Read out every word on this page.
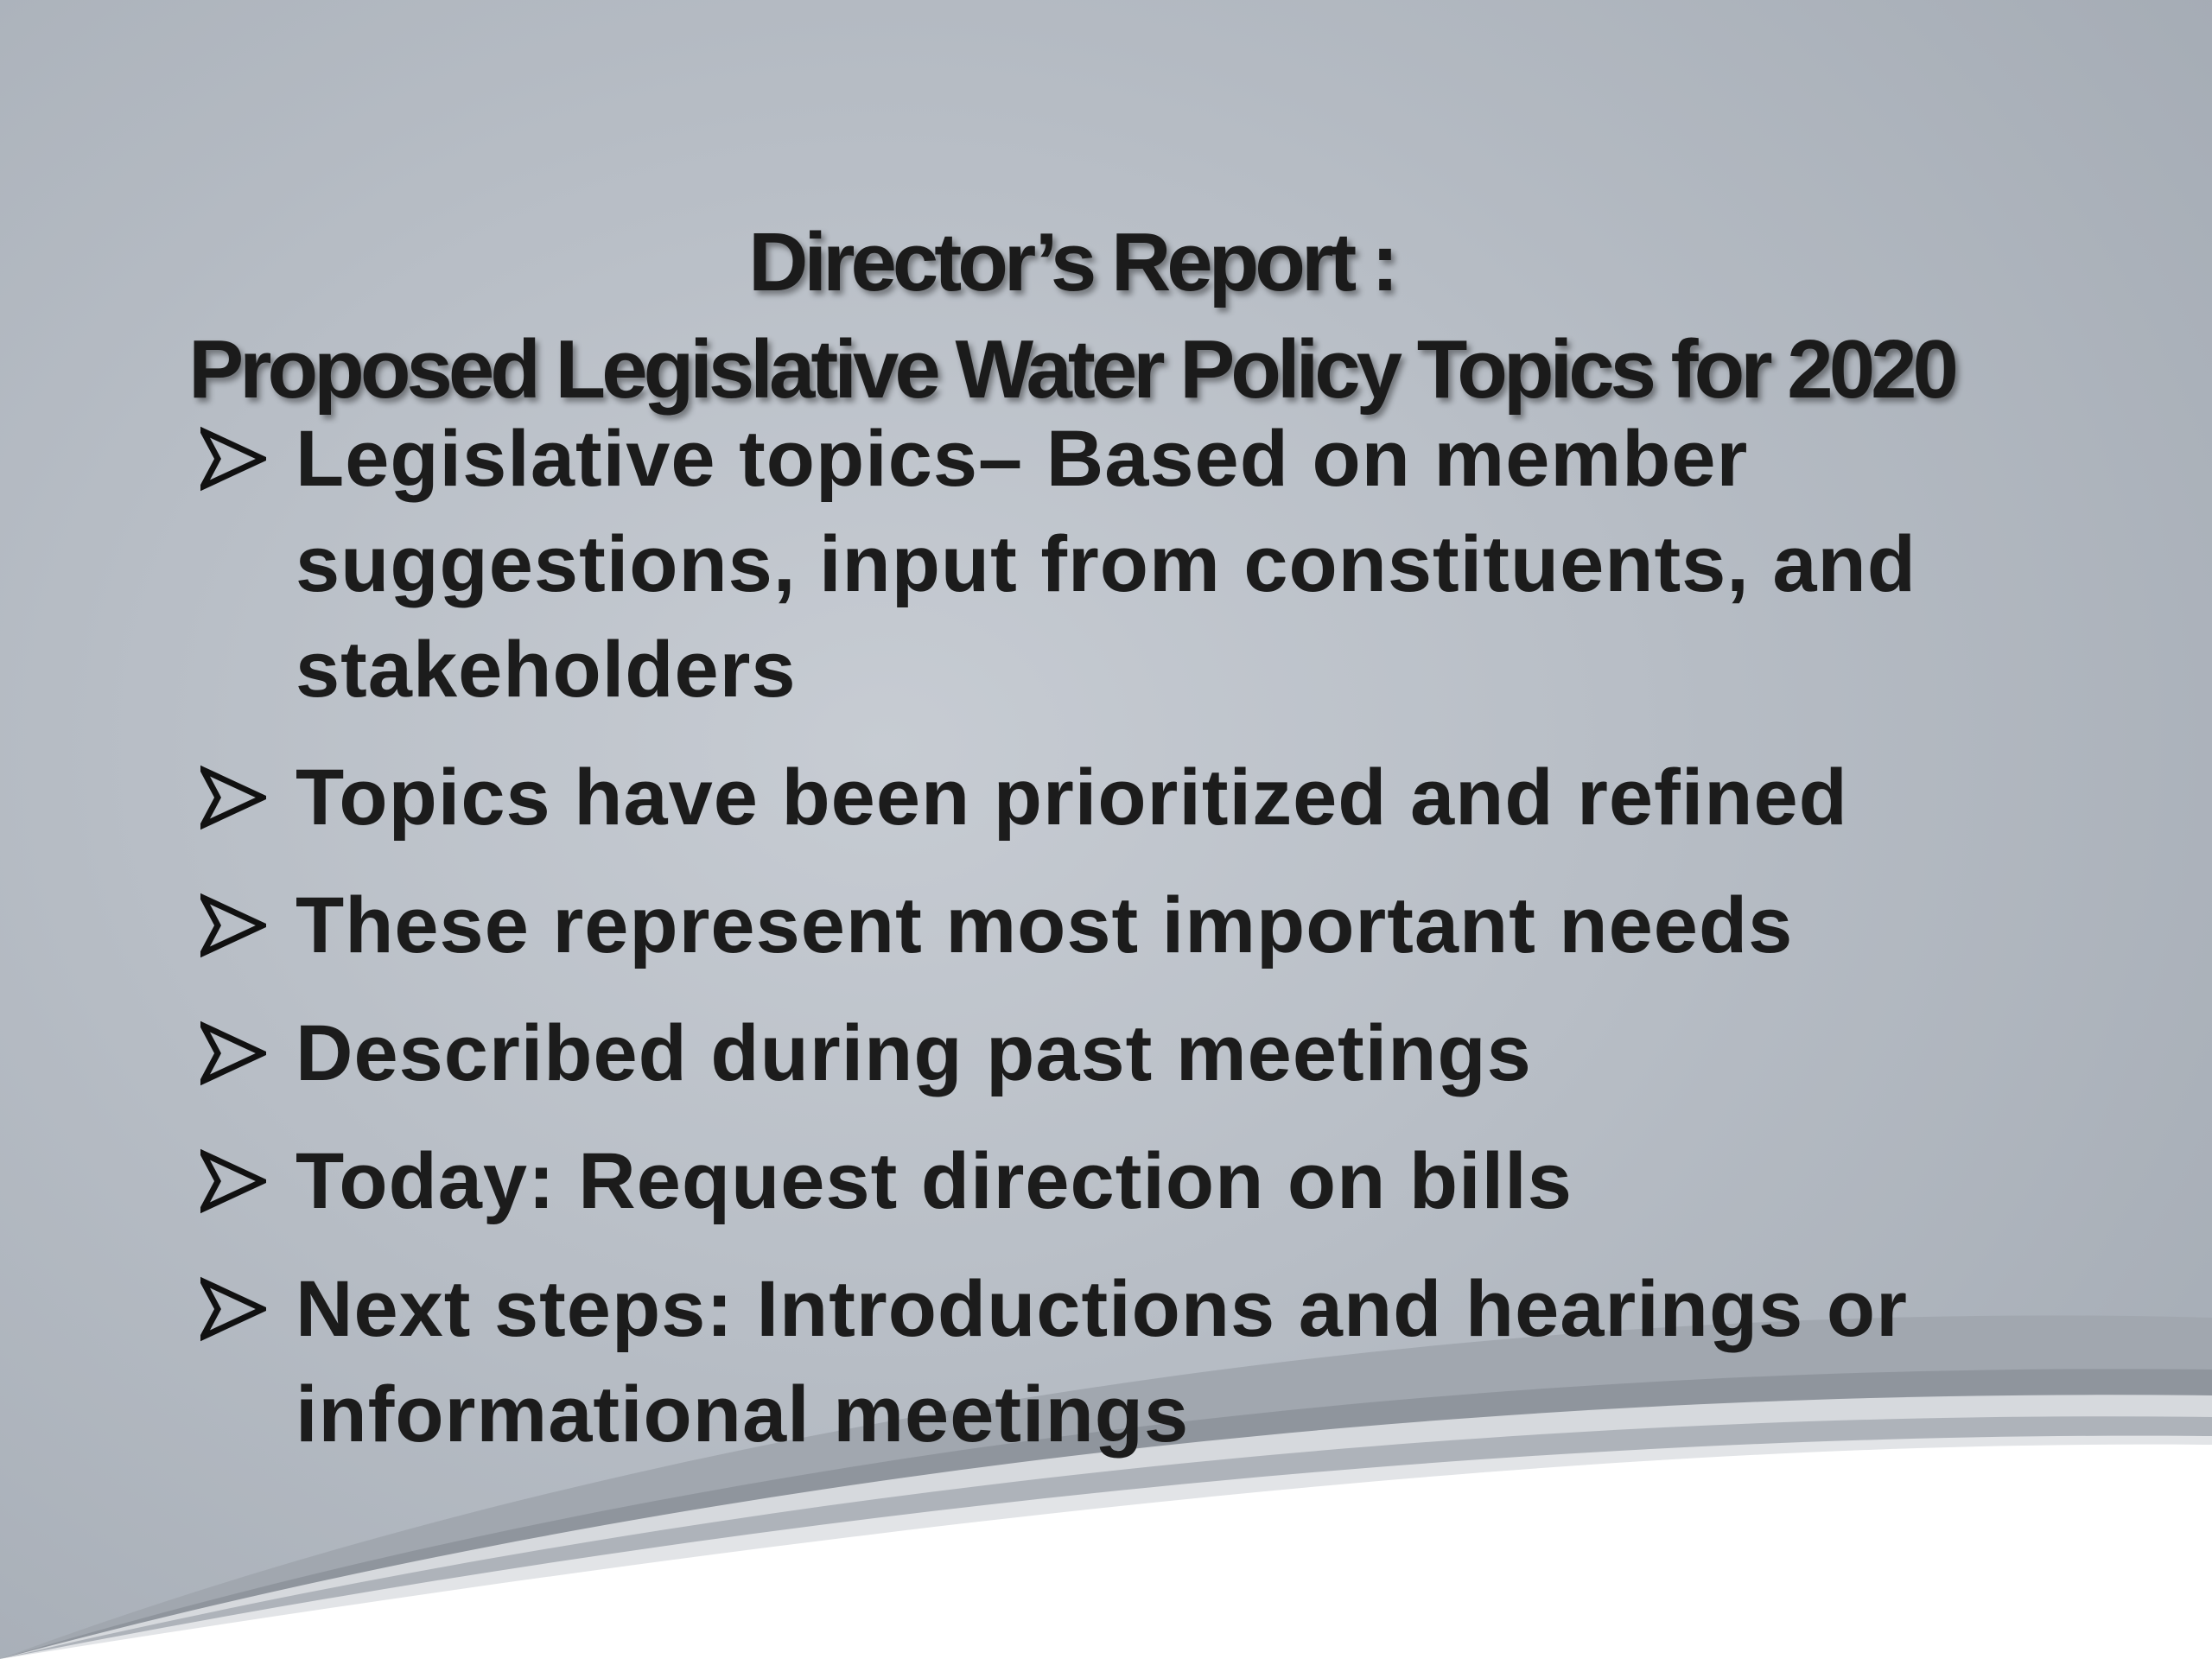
Director’s Report :
Proposed Legislative Water Policy Topics for 2020
Legislative topics– Based on member suggestions, input from constituents, and stakeholders
Topics have been prioritized and refined
These represent most important needs
Described during past meetings
Today: Request direction on bills
Next steps: Introductions and hearings or informational meetings
